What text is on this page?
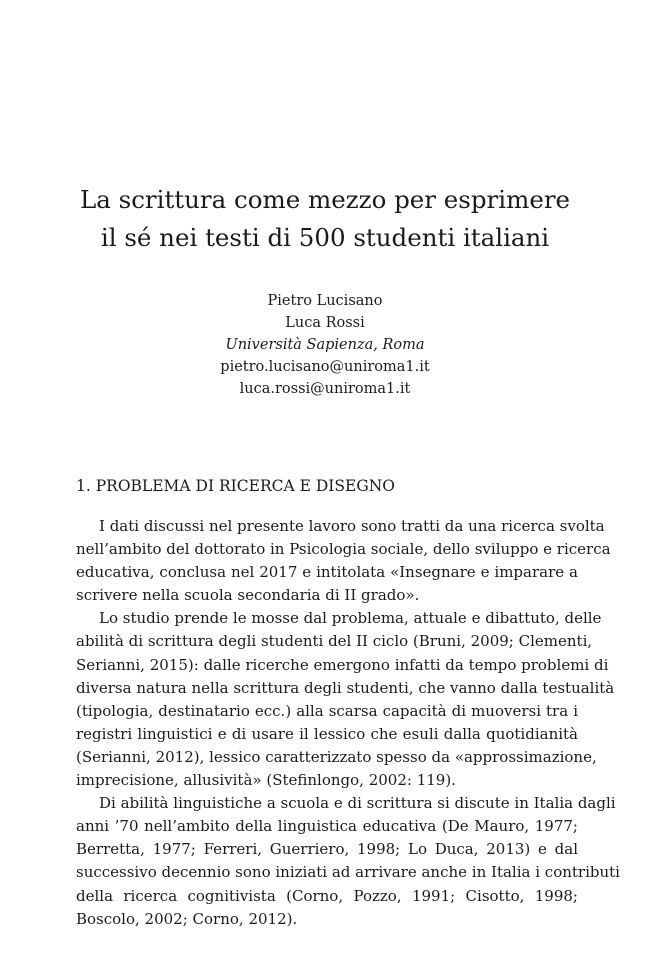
La scrittura come mezzo per esprimere
il sé nei testi di 500 studenti italiani
Pietro Lucisano
Luca Rossi
Università Sapienza, Roma
pietro.lucisano@uniroma1.it
luca.rossi@uniroma1.it
1. PROBLEMA DI RICERCA E DISEGNO
I dati discussi nel presente lavoro sono tratti da una ricerca svolta
nell’ambito del dottorato in Psicologia sociale, dello sviluppo e ricerca
educativa, conclusa nel 2017 e intitolata «Insegnare e imparare a
scrivere nella scuola secondaria di II grado».
Lo studio prende le mosse dal problema, attuale e dibattuto, delle
abilità di scrittura degli studenti del II ciclo (Bruni, 2009; Clementi,
Serianni, 2015): dalle ricerche emergono infatti da tempo problemi di
diversa natura nella scrittura degli studenti, che vanno dalla testualità
(tipologia, destinatario ecc.) alla scarsa capacità di muoversi tra i
registri linguistici e di usare il lessico che esuli dalla quotidianità
(Serianni, 2012), lessico caratterizzato spesso da «approssimazione,
imprecisione, allusività» (Stefinlongo, 2002: 119).
Di abilità linguistiche a scuola e di scrittura si discute in Italia dagli
anni ’70 nell’ambito della linguistica educativa (De Mauro, 1977;
Berretta, 1977; Ferreri, Guerriero, 1998; Lo Duca, 2013) e dal
successivo decennio sono iniziati ad arrivare anche in Italia i contributi
della ricerca cognitivista (Corno, Pozzo, 1991; Cisotto, 1998;
Boscolo, 2002; Corno, 2012).
